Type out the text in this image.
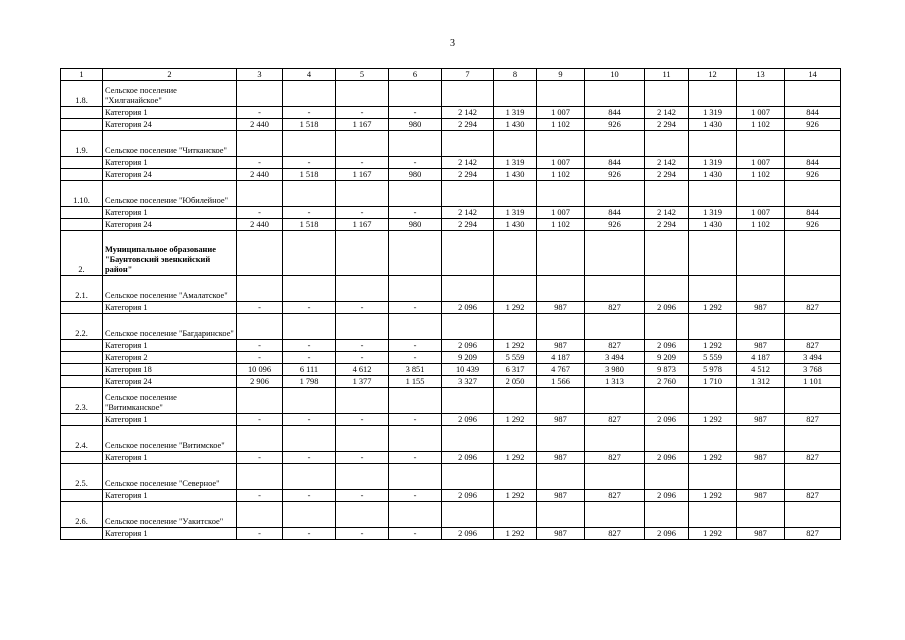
3
1	2	3	4	5	6	7	8	9	10	11	12	13	14
1.8.	Сельское поселение "Хилганайское"												
	Категория 1	-	-	-	-	2 142	1 319	1 007	844	2 142	1 319	1 007	844
	Категория 24	2 440	1 518	1 167	980	2 294	1 430	1 102	926	2 294	1 430	1 102	926
1.9.	Сельское поселение "Читканское"												
	Категория 1	-	-	-	-	2 142	1 319	1 007	844	2 142	1 319	1 007	844
	Категория 24	2 440	1 518	1 167	980	2 294	1 430	1 102	926	2 294	1 430	1 102	926
1.10.	Сельское поселение "Юбилейное"												
	Категория 1	-	-	-	-	2 142	1 319	1 007	844	2 142	1 319	1 007	844
	Категория 24	2 440	1 518	1 167	980	2 294	1 430	1 102	926	2 294	1 430	1 102	926
2.	Муниципальное образование "Баунтовский эвенкийский район"												
2.1.	Сельское поселение "Амалатское"												
	Категория 1	-	-	-	-	2 096	1 292	987	827	2 096	1 292	987	827
2.2.	Сельское поселение "Багдаринское"												
	Категория 1	-	-	-	-	2 096	1 292	987	827	2 096	1 292	987	827
	Категория 2	-	-	-	-	9 209	5 559	4 187	3 494	9 209	5 559	4 187	3 494
	Категория 18	10 096	6 111	4 612	3 851	10 439	6 317	4 767	3 980	9 873	5 978	4 512	3 768
	Категория 24	2 906	1 798	1 377	1 155	3 327	2 050	1 566	1 313	2 760	1 710	1 312	1 101
2.3.	Сельское поселение "Витимканское"												
	Категория 1	-	-	-	-	2 096	1 292	987	827	2 096	1 292	987	827
2.4.	Сельское поселение "Витимское"												
	Категория 1	-	-	-	-	2 096	1 292	987	827	2 096	1 292	987	827
2.5.	Сельское поселение "Северное"												
	Категория 1	-	-	-	-	2 096	1 292	987	827	2 096	1 292	987	827
2.6.	Сельское поселение "Уакитское"												
	Категория 1	-	-	-	-	2 096	1 292	987	827	2 096	1 292	987	827
